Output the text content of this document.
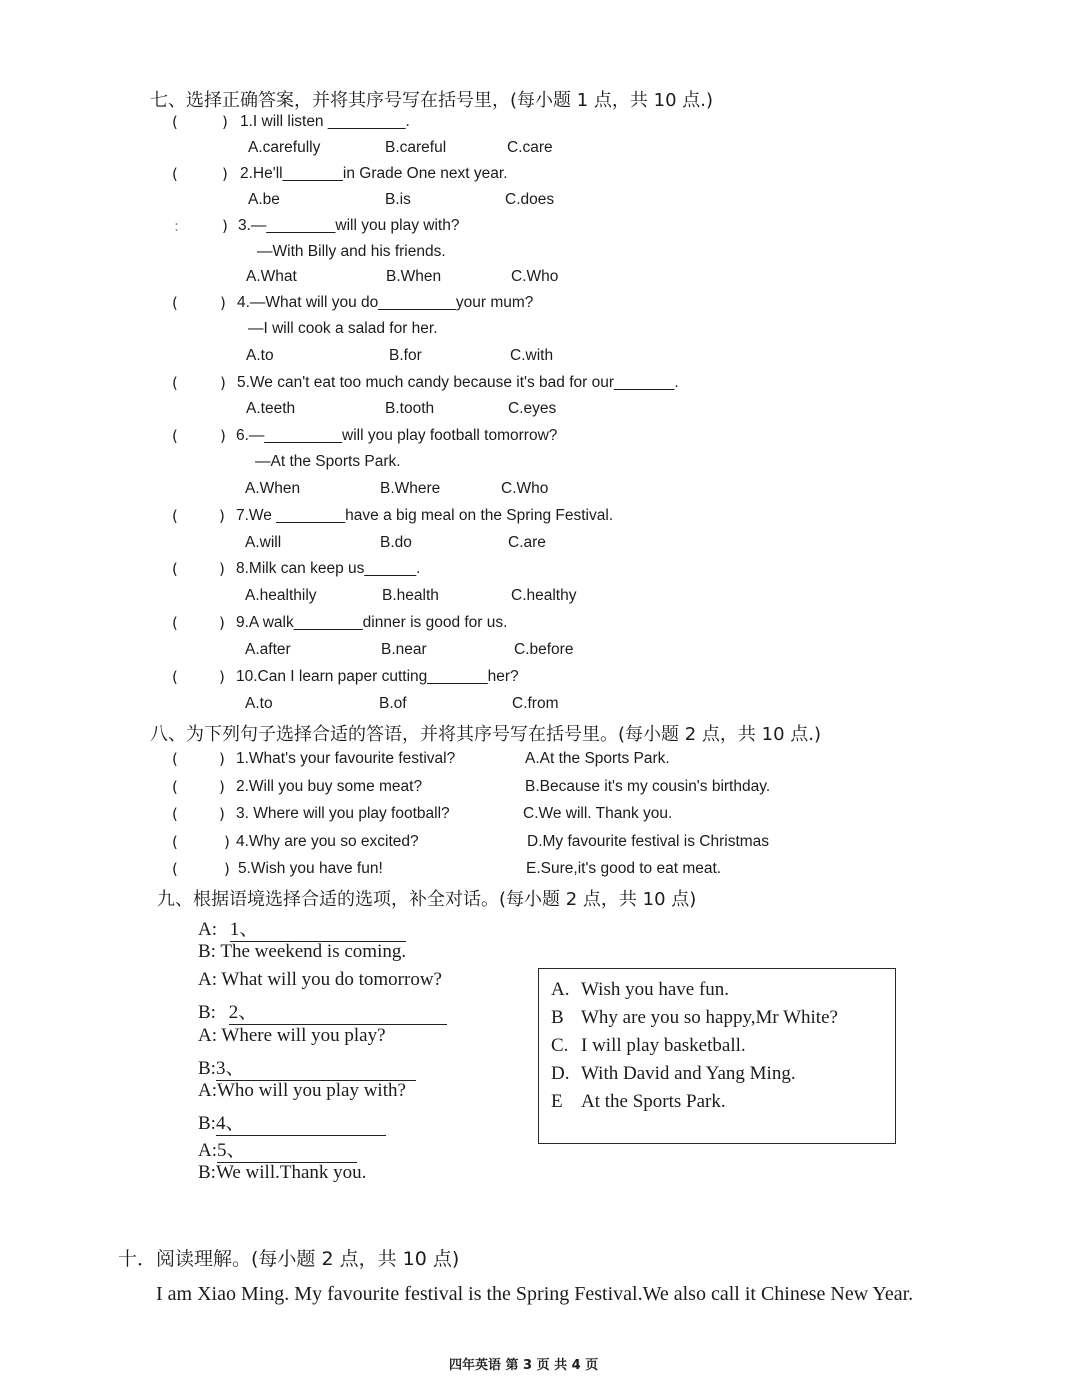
七、选择正确答案，并将其序号写在括号里，(每小题 1 点，共 10 点.)
(	) 1.I will listen _________.
A.carefully	B.careful	C.care
(	) 2.He'll_______in Grade One next year.
A.be	B.is	C.does
:	) 3.—________will you play with?
—With Billy and his friends.
A.What	B.When	C.Who
(	) 4.—What will you do_________your mum?
—I will cook a salad for her.
A.to	B.for	C.with
(	) 5.We can't eat too much candy because it's bad for our_______.
A.teeth	B.tooth	C.eyes
(	) 6.—_________will you play football tomorrow?
—At the Sports Park.
A.When	B.Where	C.Who
(	) 7.We ________have a big meal on the Spring Festival.
A.will	B.do	C.are
(	) 8.Milk can keep us______.
A.healthily	B.health	C.healthy
(	) 9.A walk________dinner is good for us.
A.after	B.near	C.before
(	) 10.Can I learn paper cutting_______her?
A.to	B.of	C.from
八、为下列句子选择合适的答语，并将其序号写在括号里。(每小题 2 点，共 10 点.)
(	) 1.What's your favourite festival?	A.At the Sports Park.
(	) 2.Will you buy some meat?	B.Because it's my cousin's birthday.
(	) 3. Where will you play football?	C.We will. Thank you.
(	) 4.Why are you so excited?	D.My favourite festival is Christmas
(	) 5.Wish you have fun!	E.Sure,it's good to eat meat.
九、根据语境选择合适的选项，补全对话。(每小题 2 点，共 10 点)
A: 1、
B: The weekend is coming.
A: What will you do tomorrow?
B: 2、
A: Where will you play?
B:3、
A:Who will you play with?
B:4、
A:5、
B:We will.Thank you.
A. Wish you have fun.
B Why are you so happy,Mr White?
C. I will play basketball.
D. With David and Yang Ming.
E At the Sports Park.
十．阅读理解。(每小题 2 点，共 10 点)
I am Xiao Ming. My favourite festival is the Spring Festival.We also call it Chinese New Year.
四年英语 第 3 页 共 4 页
